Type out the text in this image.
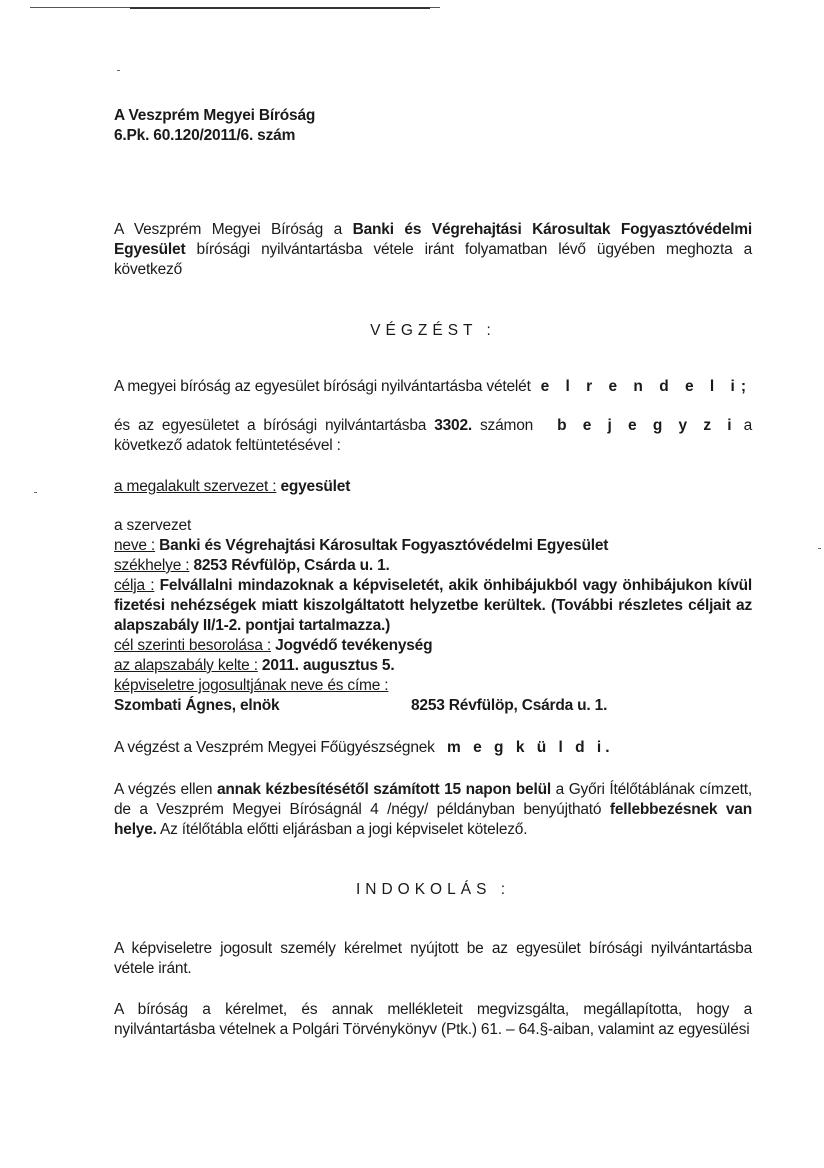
A Veszprém Megyei Bíróság

6.Pk. 60.120/2011/6. szám

A Veszprém Megyei Bíróság a Banki és Végrehajtási Károsultak Fogyasztóvédelmi Egyesület bírósági nyilvántartásba vétele iránt folyamatban lévő ügyében meghozta a következő

VÉGZÉST :

A megyei bíróság az egyesület bírósági nyilvántartásba vételét e l r e n d e l i;

és az egyesületet a bírósági nyilvántartásba 3302. számon   b e j e g y z i a következő adatok feltüntetésével :

a megalakult szervezet : egyesület

a szervezet

neve : Banki és Végrehajtási Károsultak Fogyasztóvédelmi Egyesület

székhelye : 8253 Révfülöp, Csárda u. 1.

célja : Felvállalni mindazoknak a képviseletét, akik önhibájukból vagy önhibájukon kívül fizetési nehézségek miatt kiszolgáltatott helyzetbe kerültek. (További részletes céljait az alapszabály II/1-2. pontjai tartalmazza.)

cél szerinti besorolása : Jogvédő tevékenység

az alapszabály kelte : 2011. augusztus 5.

képviseletre jogosultjának neve és címe :

Szombati Ágnes, elnök	8253 Révfülöp, Csárda u. 1.

A végzést a Veszprém Megyei Főügyészségnek m e g k ü l d i.

A végzés ellen annak kézbesítésétől számított 15 napon belül a Győri Ítélőtáblának címzett, de a Veszprém Megyei Bíróságnál 4 /négy/ példányban benyújtható fellebbezésnek van helye. Az ítélőtábla előtti eljárásban a jogi képviselet kötelező.

INDOKOLÁS :

A képviseletre jogosult személy kérelmet nyújtott be az egyesület bírósági nyilvántartásba vétele iránt.

A bíróság a kérelmet, és annak mellékleteit megvizsgálta, megállapította, hogy a nyilvántartásba vételnek a Polgári Törvénykönyv (Ptk.) 61. – 64.§-aiban, valamint az egyesülési
